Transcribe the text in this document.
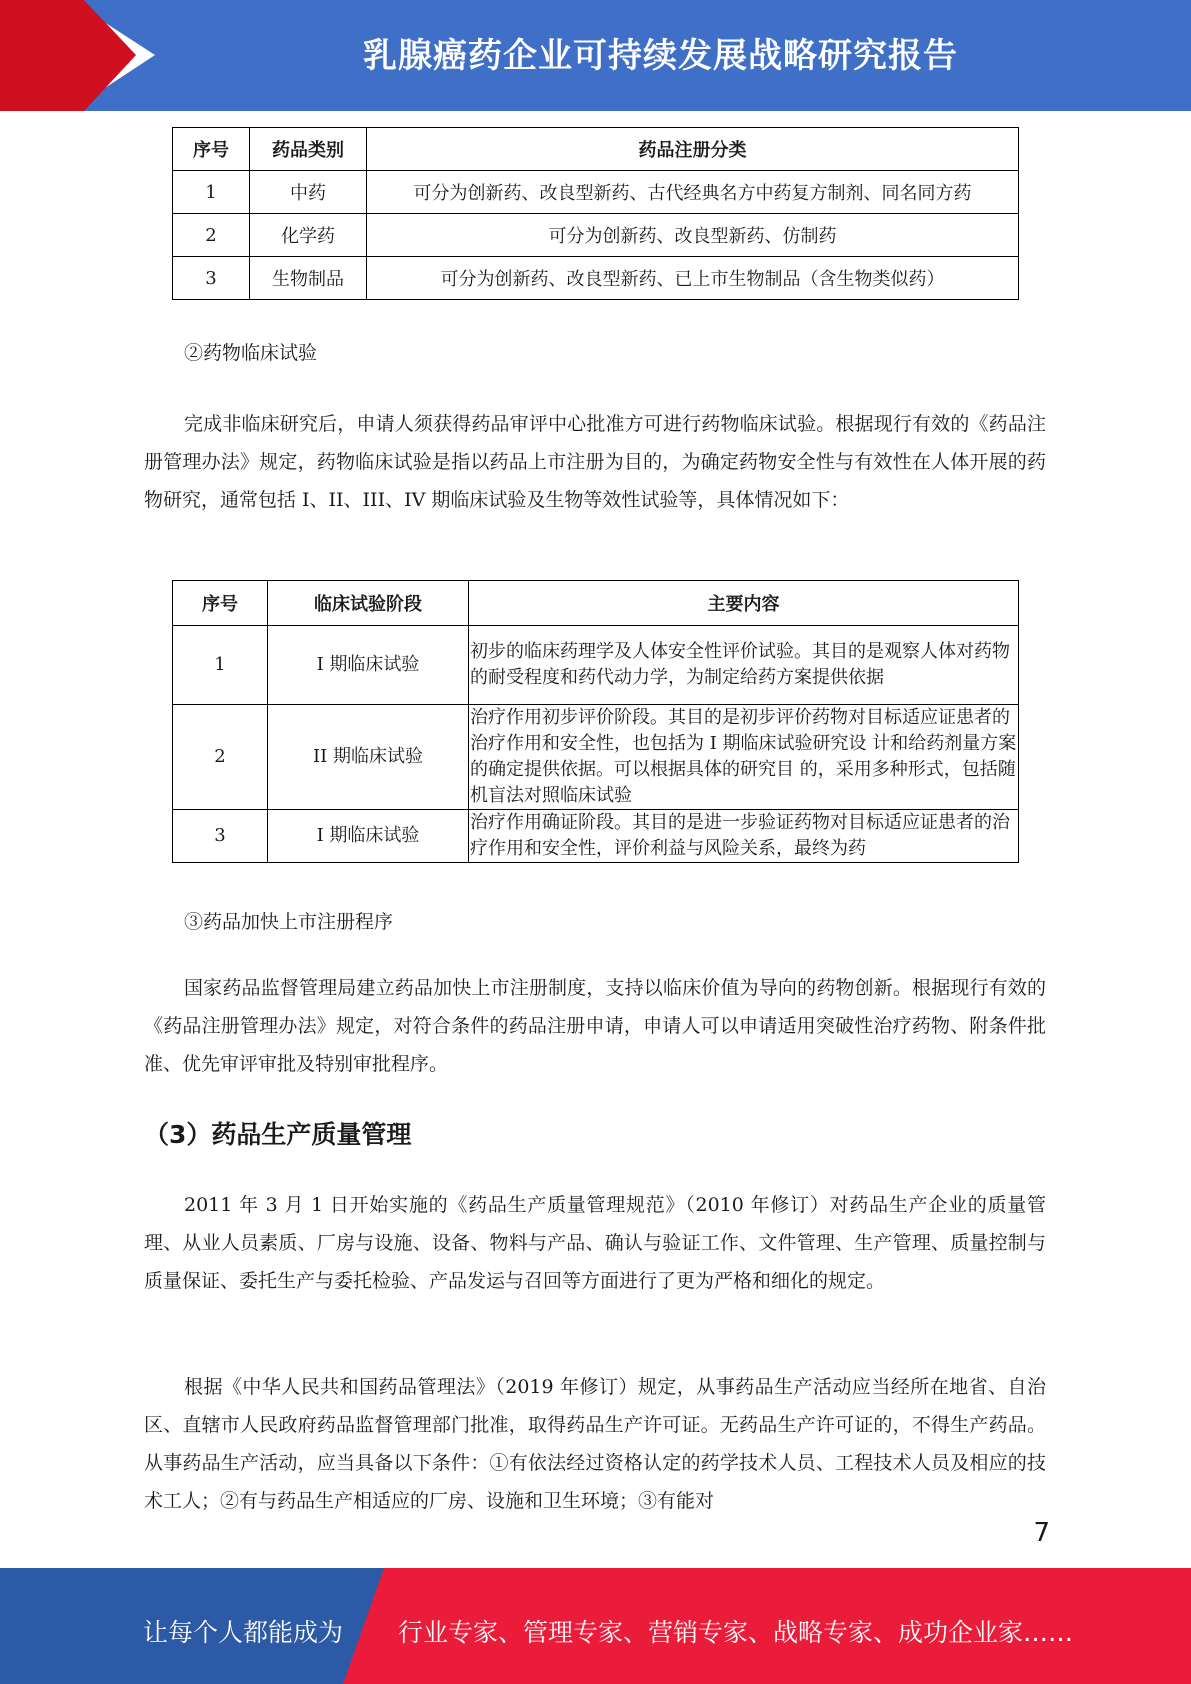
乳腺癌药企业可持续发展战略研究报告
序号	药品类别	药品注册分类
1	中药	可分为创新药、改良型新药、古代经典名方中药复方制剂、同名同方药
2	化学药	可分为创新药、改良型新药、仿制药
3	生物制品	可分为创新药、改良型新药、已上市生物制品（含生物类似药）

②药物临床试验

完成非临床研究后，申请人须获得药品审评中心批准方可进行药物临床试验。根据现行有效的《药品注册管理办法》规定，药物临床试验是指以药品上市注册为目的，为确定药物安全性与有效性在人体开展的药物研究，通常包括 I、II、III、IV 期临床试验及生物等效性试验等，具体情况如下：

序号	临床试验阶段	主要内容
1	I 期临床试验	初步的临床药理学及人体安全性评价试验。其目的是观察人体对药物的耐受程度和药代动力学，为制定给药方案提供依据
2	II 期临床试验	治疗作用初步评价阶段。其目的是初步评价药物对目标适应证患者的治疗作用和安全性，也包括为 I 期临床试验研究设 计和给药剂量方案的确定提供依据。可以根据具体的研究目 的，采用多种形式，包括随机盲法对照临床试验
3	I 期临床试验	治疗作用确证阶段。其目的是进一步验证药物对目标适应证患者的治疗作用和安全性，评价利益与风险关系，最终为药

③药品加快上市注册程序

国家药品监督管理局建立药品加快上市注册制度，支持以临床价值为导向的药物创新。根据现行有效的《药品注册管理办法》规定，对符合条件的药品注册申请，申请人可以申请适用突破性治疗药物、附条件批准、优先审评审批及特别审批程序。

（3）药品生产质量管理

2011 年 3 月 1 日开始实施的《药品生产质量管理规范》（2010 年修订）对药品生产企业的质量管理、从业人员素质、厂房与设施、设备、物料与产品、确认与验证工作、文件管理、生产管理、质量控制与质量保证、委托生产与委托检验、产品发运与召回等方面进行了更为严格和细化的规定。

根据《中华人民共和国药品管理法》（2019 年修订）规定，从事药品生产活动应当经所在地省、自治区、直辖市人民政府药品监督管理部门批准，取得药品生产许可证。无药品生产许可证的，不得生产药品。从事药品生产活动，应当具备以下条件：①有依法经过资格认定的药学技术人员、工程技术人员及相应的技术工人；②有与药品生产相适应的厂房、设施和卫生环境；③有能对

7
让每个人都能成为 行业专家、管理专家、营销专家、战略专家、成功企业家……
